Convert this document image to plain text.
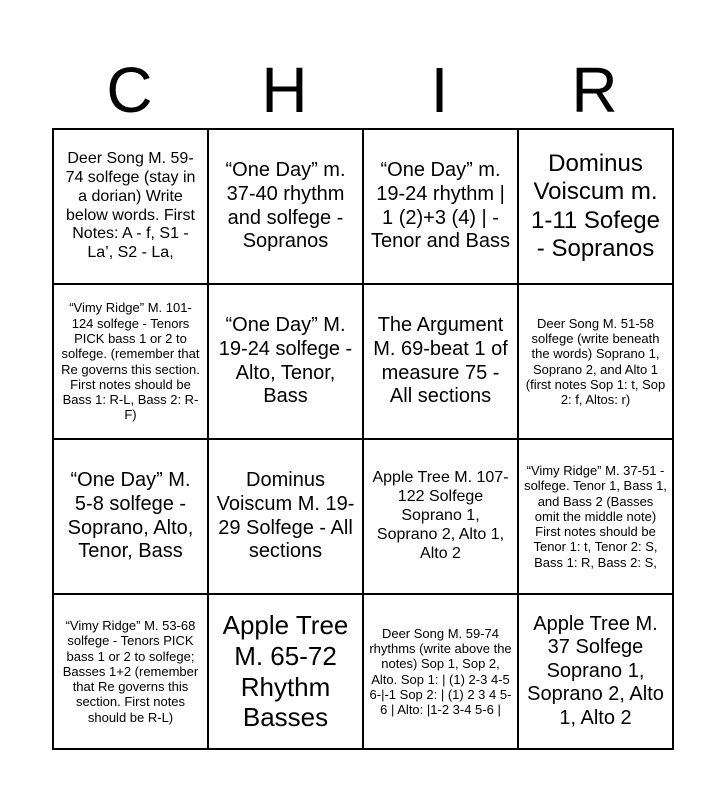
C	H	I	R
Deer Song M. 59-74 solfege (stay in a dorian) Write below words. First Notes: A - f, S1 - La’, S2 - La,	“One Day” m. 37-40 rhythm and solfege - Sopranos	“One Day” m. 19-24 rhythm | 1 (2)+3 (4) | - Tenor and Bass	Dominus Voiscum m. 1-11 Sofege - Sopranos
“Vimy Ridge” M. 101-124 solfege - Tenors PICK bass 1 or 2 to solfege. (remember that Re governs this section. First notes should be Bass 1: R-L, Bass 2: R-F)	“One Day” M. 19-24 solfege - Alto, Tenor, Bass	The Argument M. 69-beat 1 of measure 75 - All sections	Deer Song M. 51-58 solfege (write beneath the words) Soprano 1, Soprano 2, and Alto 1 (first notes Sop 1: t, Sop 2: f, Altos: r)
“One Day” M. 5-8 solfege - Soprano, Alto, Tenor, Bass	Dominus Voiscum M. 19-29 Solfege - All sections	Apple Tree M. 107-122 Solfege Soprano 1, Soprano 2, Alto 1, Alto 2	“Vimy Ridge” M. 37-51 - solfege. Tenor 1, Bass 1, and Bass 2 (Basses omit the middle note) First notes should be Tenor 1: t, Tenor 2: S, Bass 1: R, Bass 2: S,
“Vimy Ridge” M. 53-68 solfege - Tenors PICK bass 1 or 2 to solfege; Basses 1+2 (remember that Re governs this section. First notes should be R-L)	Apple Tree M. 65-72 Rhythm Basses	Deer Song M. 59-74 rhythms (write above the notes) Sop 1, Sop 2, Alto. Sop 1: | (1) 2-3 4-5 6-|-1 Sop 2: | (1) 2 3 4 5-6 | Alto: |1-2 3-4 5-6 |	Apple Tree M. 37 Solfege Soprano 1, Soprano 2, Alto 1, Alto 2
